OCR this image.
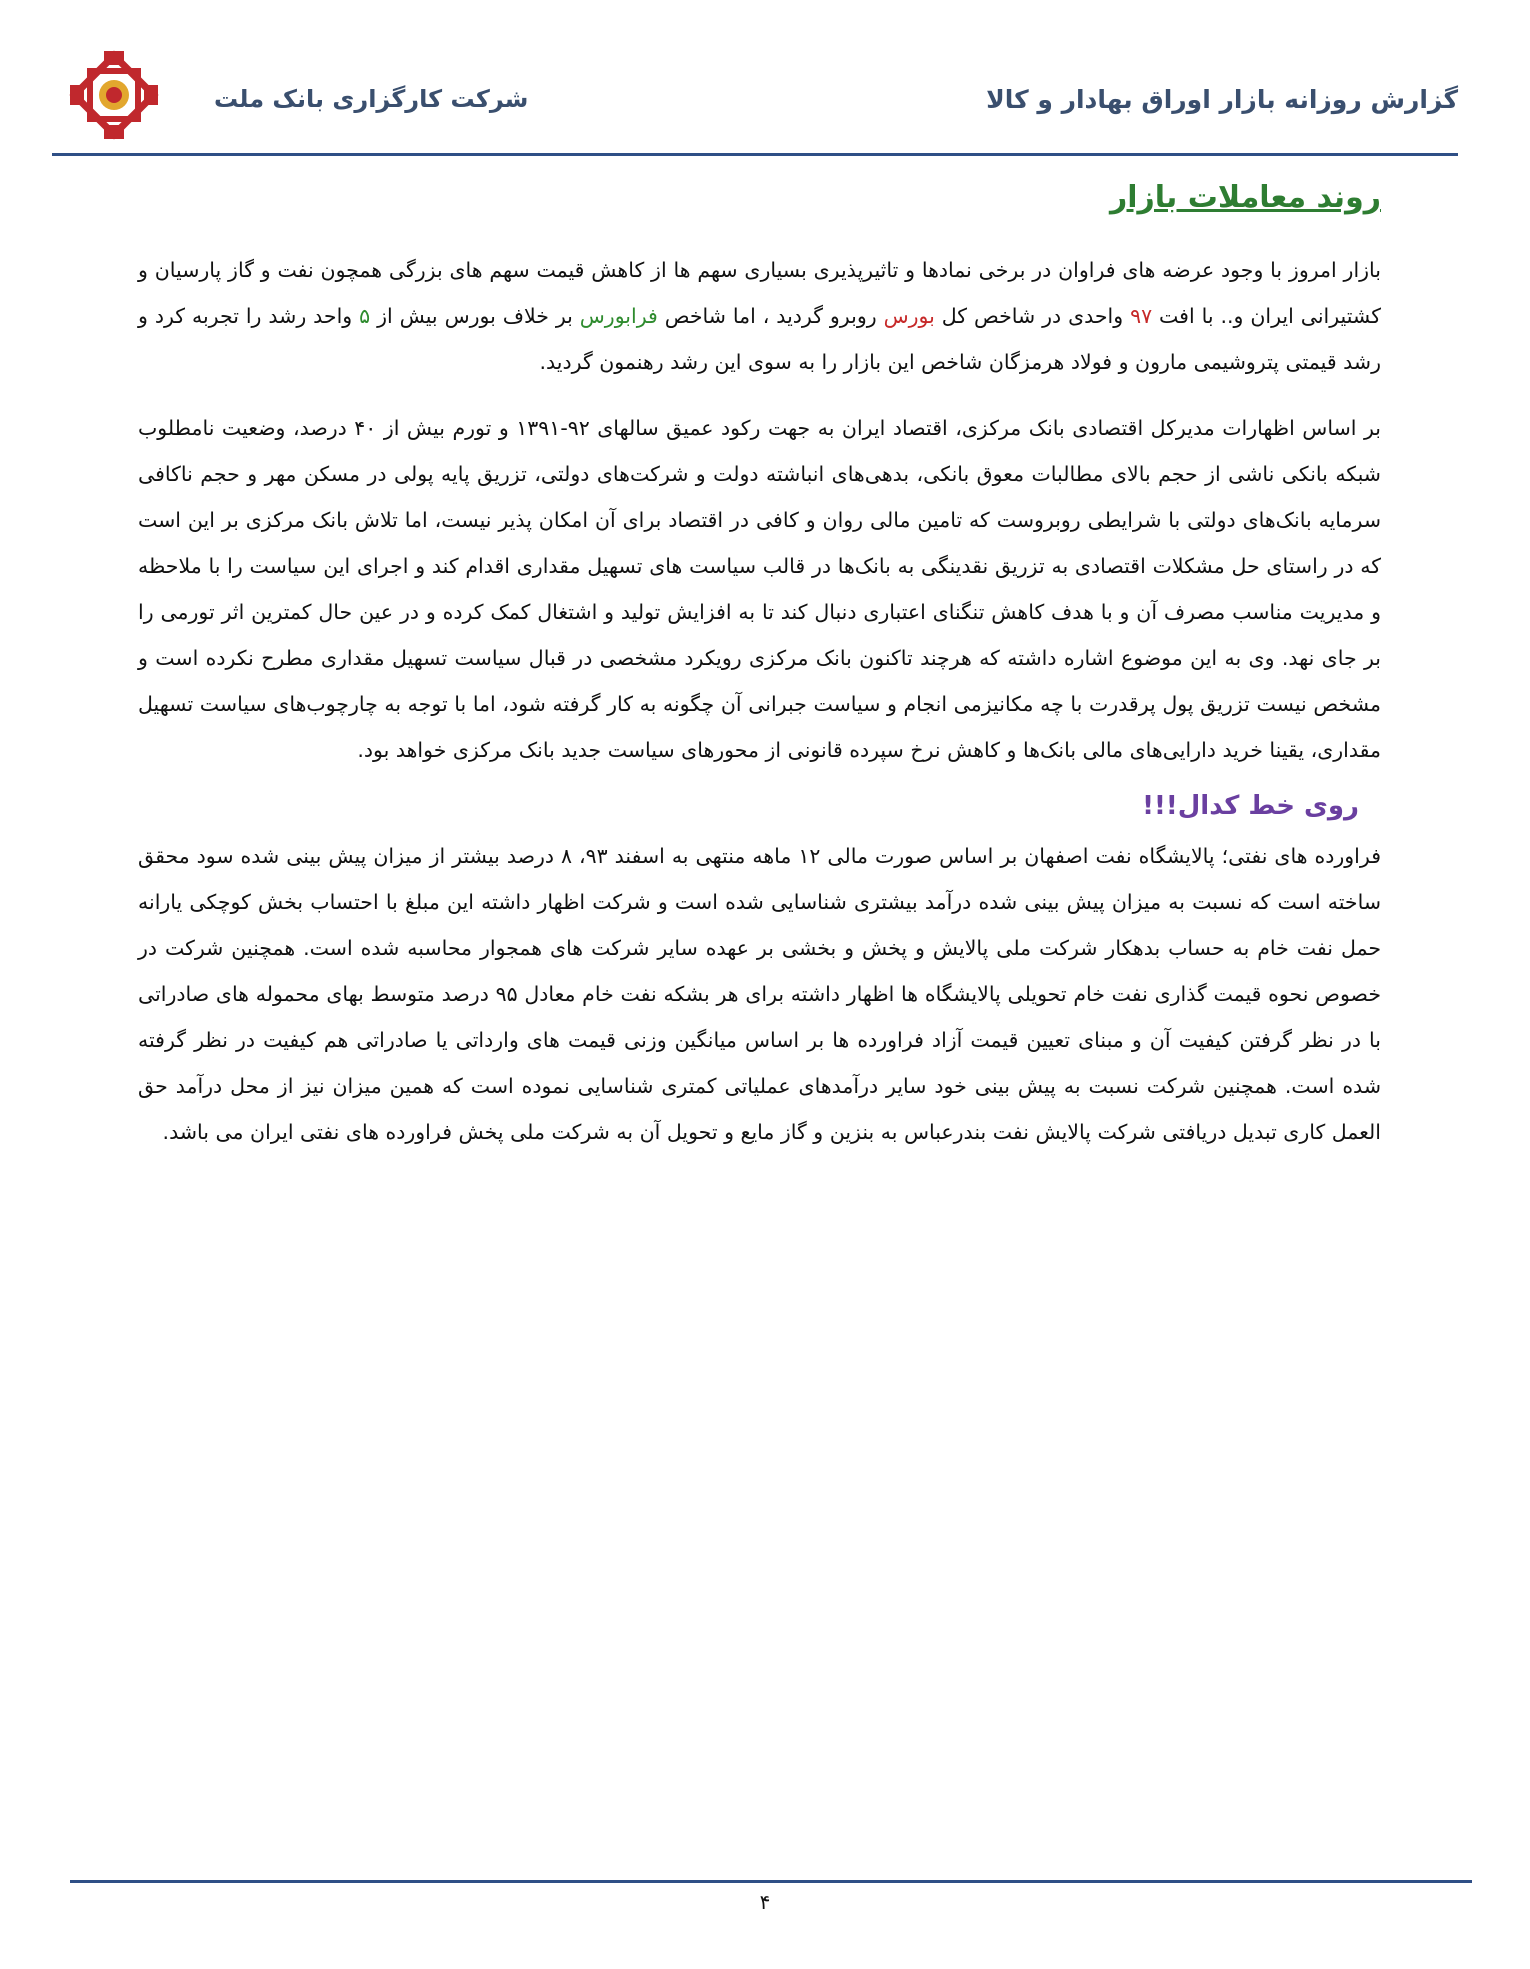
شرکت کارگزاری بانک ملت	گزارش روزانه بازار اوراق بهادار و کالا
روند معاملات بازار

بازار امروز با وجود عرضه های فراوان در برخی نمادها و تاثیرپذیری بسیاری سهم ها از کاهش قیمت سهم های بزرگی همچون نفت و گاز پارسیان و کشتیرانی ایران و.. با افت ۹۷ واحدی در شاخص کل بورس روبرو گردید ، اما شاخص فرابورس بر خلاف بورس بیش از ۵ واحد رشد را تجربه کرد و رشد قیمتی پتروشیمی مارون و فولاد هرمزگان شاخص این بازار را به سوی این رشد رهنمون گردید.

بر اساس اظهارات مدیرکل اقتصادی بانک مرکزی، اقتصاد ایران به جهت رکود عمیق سالهای ۹۲-۱۳۹۱ و تورم بیش از ۴۰ درصد، وضعیت نامطلوب شبکه بانکی ناشی از حجم بالای مطالبات معوق بانکی، بدهی‌های انباشته دولت و شرکت‌های دولتی، تزریق پایه پولی در مسکن مهر و حجم ناکافی سرمایه بانک‌های دولتی با شرایطی روبروست که تامین مالی روان و کافی در اقتصاد برای آن امکان پذیر نیست، اما تلاش بانک مرکزی بر این است که در راستای حل مشکلات اقتصادی به تزریق نقدینگی به بانک‌ها در قالب سیاست های تسهیل مقداری اقدام کند و اجرای این سیاست را با ملاحظه و مدیریت مناسب مصرف آن و با هدف کاهش تنگنای اعتباری دنبال کند تا به افزایش تولید و اشتغال کمک کرده و در عین حال کمترین اثر تورمی را بر جای نهد. وی به این موضوع اشاره داشته که هرچند تاکنون بانک مرکزی رویکرد مشخصی در قبال سیاست تسهیل مقداری مطرح نکرده است و مشخص نیست تزریق پول پرقدرت با چه مکانیزمی انجام و سیاست جبرانی آن چگونه به کار گرفته شود، اما با توجه به چارچوب‌های سیاست تسهیل مقداری، یقینا خرید دارایی‌های مالی بانک‌ها و کاهش نرخ سپرده قانونی از محورهای سیاست جدید بانک مرکزی خواهد بود.

روی خط کدال!!!

فراورده های نفتی؛ پالایشگاه نفت اصفهان بر اساس صورت مالی ۱۲ ماهه منتهی به اسفند ۹۳، ۸ درصد بیشتر از میزان پیش بینی شده سود محقق ساخته است که نسبت به میزان پیش بینی شده درآمد بیشتری شناسایی شده است و شرکت اظهار داشته این مبلغ با احتساب بخش کوچکی یارانه حمل نفت خام به حساب بدهکار شرکت ملی پالایش و پخش و بخشی بر عهده سایر شرکت های همجوار محاسبه شده است. همچنین شرکت در خصوص نحوه قیمت گذاری نفت خام تحویلی پالایشگاه ها اظهار داشته برای هر بشکه نفت خام معادل ۹۵ درصد متوسط بهای محموله های صادراتی با در نظر گرفتن کیفیت آن و مبنای تعیین قیمت آزاد فراورده ها بر اساس میانگین وزنی قیمت های وارداتی یا صادراتی هم کیفیت در نظر گرفته شده است. همچنین شرکت نسبت به پیش بینی خود سایر درآمدهای عملیاتی کمتری شناسایی نموده است که همین میزان نیز از محل درآمد حق العمل کاری تبدیل دریافتی شرکت پالایش نفت بندرعباس به بنزین و گاز مایع و تحویل آن به شرکت ملی پخش فراورده های نفتی ایران می باشد.

۴
